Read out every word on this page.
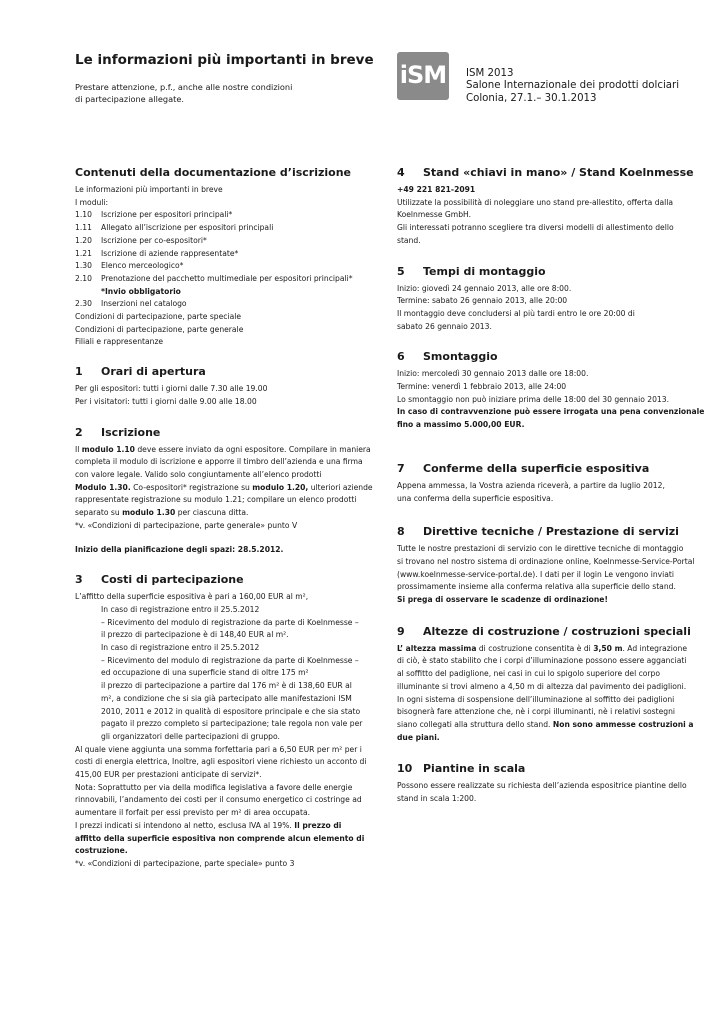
Le informazioni più importanti in breve
Prestare attenzione, p.f., anche alle nostre condizioni
di partecipazione allegate.
iSM ISM 2013
Salone Internazionale dei prodotti dolciari
Colonia, 27.1.– 30.1.2013
Contenuti della documentazione d’iscrizione
Le informazioni più importanti in breve
I moduli:
1.10	Iscrizione per espositori principali*
1.11	Allegato all’iscrizione per espositori principali
1.20	Iscrizione per co-espositori*
1.21	Iscrizione di aziende rappresentate*
1.30	Elenco merceologico*
2.10	Prenotazione del pacchetto multimediale per espositori principali*
*Invio obbligatorio
2.30	Inserzioni nel catalogo
Condizioni di partecipazione, parte speciale
Condizioni di partecipazione, parte generale
Filiali e rappresentanze
1 Orari di apertura

Per gli espositori: tutti i giorni dalle 7.30 alle 19.00

Per i visitatori: tutti i giorni dalle 9.00 alle 18.00

2 Iscrizione

Il modulo 1.10 deve essere inviato da ogni espositore. Compilare in maniera

completa il modulo di iscrizione e apporre il timbro dell’azienda e una firma

con valore legale. Valido solo congiuntamente all’elenco prodotti

Modulo 1.30. Co-espositori* registrazione su modulo 1.20, ulteriori aziende

rappresentate registrazione su modulo 1.21; compilare un elenco prodotti

separato su modulo 1.30 per ciascuna ditta.

*v. «Condizioni di partecipazione, parte generale» punto V

Inizio della pianificazione degli spazi: 28.5.2012.

3 Costi di partecipazione

L’affitto della superficie espositiva è pari a 160,00 EUR al m²,

In caso di registrazione entro il 25.5.2012

– Ricevimento del modulo di registrazione da parte di Koelnmesse –

il prezzo di partecipazione è di 148,40 EUR al m².

In caso di registrazione entro il 25.5.2012

– Ricevimento del modulo di registrazione da parte di Koelnmesse –

ed occupazione di una superficie stand di oltre 175 m²

il prezzo di partecipazione a partire dal 176 m² è di 138,60 EUR al

m², a condizione che si sia già partecipato alle manifestazioni ISM

2010, 2011 e 2012 in qualità di espositore principale e che sia stato

pagato il prezzo completo si partecipazione; tale regola non vale per

gli organizzatori delle partecipazioni di gruppo.

Al quale viene aggiunta una somma forfettaria pari a 6,50 EUR per m² per i

costi di energia elettrica, Inoltre, agli espositori viene richiesto un acconto di

415,00 EUR per prestazioni anticipate di servizi*.

Nota: Soprattutto per via della modifica legislativa a favore delle energie

rinnovabili, l’andamento dei costi per il consumo energetico ci costringe ad

aumentare il forfait per essi previsto per m² di area occupata.

I prezzi indicati si intendono al netto, esclusa IVA al 19%. Il prezzo di

affitto della superficie espositiva non comprende alcun elemento di

costruzione.

*v. «Condizioni di partecipazione, parte speciale» punto 3

4 Stand «chiavi in mano» / Stand Koelnmesse

+49 221 821-2091

Utilizzate la possibilità di noleggiare uno stand pre-allestito, offerta dalla

Koelnmesse GmbH.

Gli interessati potranno scegliere tra diversi modelli di allestimento dello

stand.

5 Tempi di montaggio

Inizio: giovedì 24 gennaio 2013, alle ore 8:00.

Termine: sabato 26 gennaio 2013, alle 20:00

Il montaggio deve concludersi al più tardi entro le ore 20:00 di

sabato 26 gennaio 2013.

6 Smontaggio

Inizio: mercoledì 30 gennaio 2013 dalle ore 18:00.

Termine: venerdì 1 febbraio 2013, alle 24:00

Lo smontaggio non può iniziare prima delle 18:00 del 30 gennaio 2013.

In caso di contravvenzione può essere irrogata una pena convenzionale

fino a massimo 5.000,00 EUR.

7 Conferme della superficie espositiva

Appena ammessa, la Vostra azienda riceverà, a partire da luglio 2012,

una conferma della superficie espositiva.

8 Direttive tecniche / Prestazione di servizi

Tutte le nostre prestazioni di servizio con le direttive tecniche di montaggio

si trovano nel nostro sistema di ordinazione online, Koelnmesse-Service-Portal

(www.koelnmesse-service-portal.de). I dati per il login Le vengono inviati

prossimamente insieme alla conferma relativa alla superficie dello stand.

Si prega di osservare le scadenze di ordinazione!

9 Altezze di costruzione / costruzioni speciali

L’ altezza massima di costruzione consentita è di 3,50 m. Ad integrazione

di ciò, è stato stabilito che i corpi d’illuminazione possono essere agganciati

al soffitto del padiglione, nei casi in cui lo spigolo superiore del corpo

illuminante si trovi almeno a 4,50 m di altezza dal pavimento dei padiglioni.

In ogni sistema di sospensione dell’illuminazione al soffitto dei padiglioni

bisognerà fare attenzione che, nè i corpi illuminanti, nè i relativi sostegni

siano collegati alla struttura dello stand. Non sono ammesse costruzioni a

due piani.

10 Piantine in scala

Possono essere realizzate su richiesta dell’azienda espositrice piantine dello

stand in scala 1:200.
